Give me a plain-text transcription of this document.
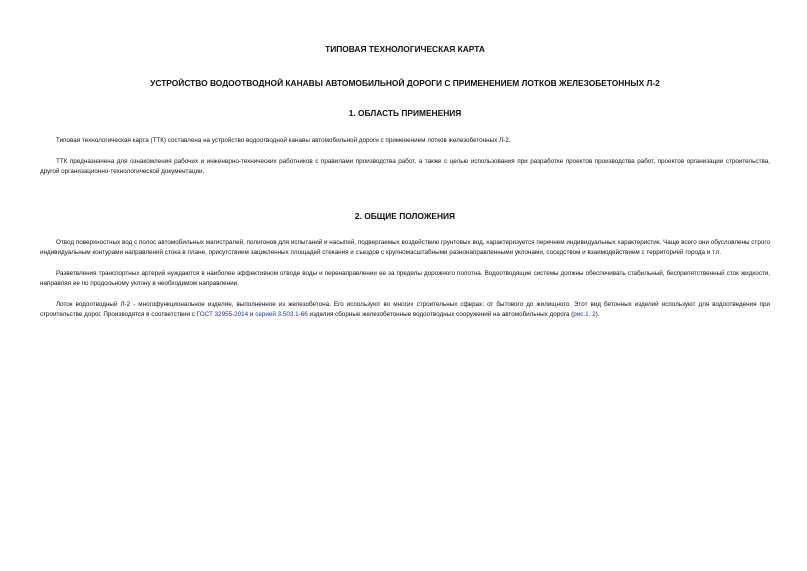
ТИПОВАЯ ТЕХНОЛОГИЧЕСКАЯ КАРТА
УСТРОЙСТВО ВОДООТВОДНОЙ КАНАВЫ АВТОМОБИЛЬНОЙ ДОРОГИ С ПРИМЕНЕНИЕМ ЛОТКОВ ЖЕЛЕЗОБЕТОННЫХ Л-2
1. ОБЛАСТЬ ПРИМЕНЕНИЯ

Типовая технологическая карта (ТТК) составлена на устройство водоотводной канавы автомобильной дороги с применением лотков железобетонных Л-2.

ТТК предназначена для ознакомления рабочих и инженерно-технических работников с правилами производства работ, а также с целью использования при разработке проектов производства работ, проектов организации строительства, другой организационно-технологической документации.

2. ОБЩИЕ ПОЛОЖЕНИЯ

Отвод поверхностных вод с полос автомобильных магистралей, полигонов для испытаний и насыпей, подвергаемых воздействию грунтовых вод, характеризуется перечнем индивидуальных характеристик. Чаще всего они обусловлены строго индивидуальным контурами направлений стока в плане, присутствием зацикленных площадей стекания и съездов с крупномасштабными разнонаправленными уклонами, соседством и взаимодействием с территорией города и т.п.

Разветвления транспортных артерий нуждаются в наиболее эффективном отводе воды и перенаправлении ее за пределы дорожного полотна. Водоотводящие системы должны обеспечивать стабильный, беспрепятственный сток жидкости, направляя ее по продольному уклону в необходимом направлении.

Лоток водоотводный Л-2 - многофункциональное изделие, выполненное из железобетона. Его используют во многих строительных сферах: от бытового до жилищного. Этот вид бетонных изделий используют для водоотведения при строительстве дорог. Производятся в соответствии с ГОСТ 32955-2014 и серией 3.503.1-66 изделия сборные железобетонные водоотводных сооружений на автомобильных дорога (рис.1, 2).
